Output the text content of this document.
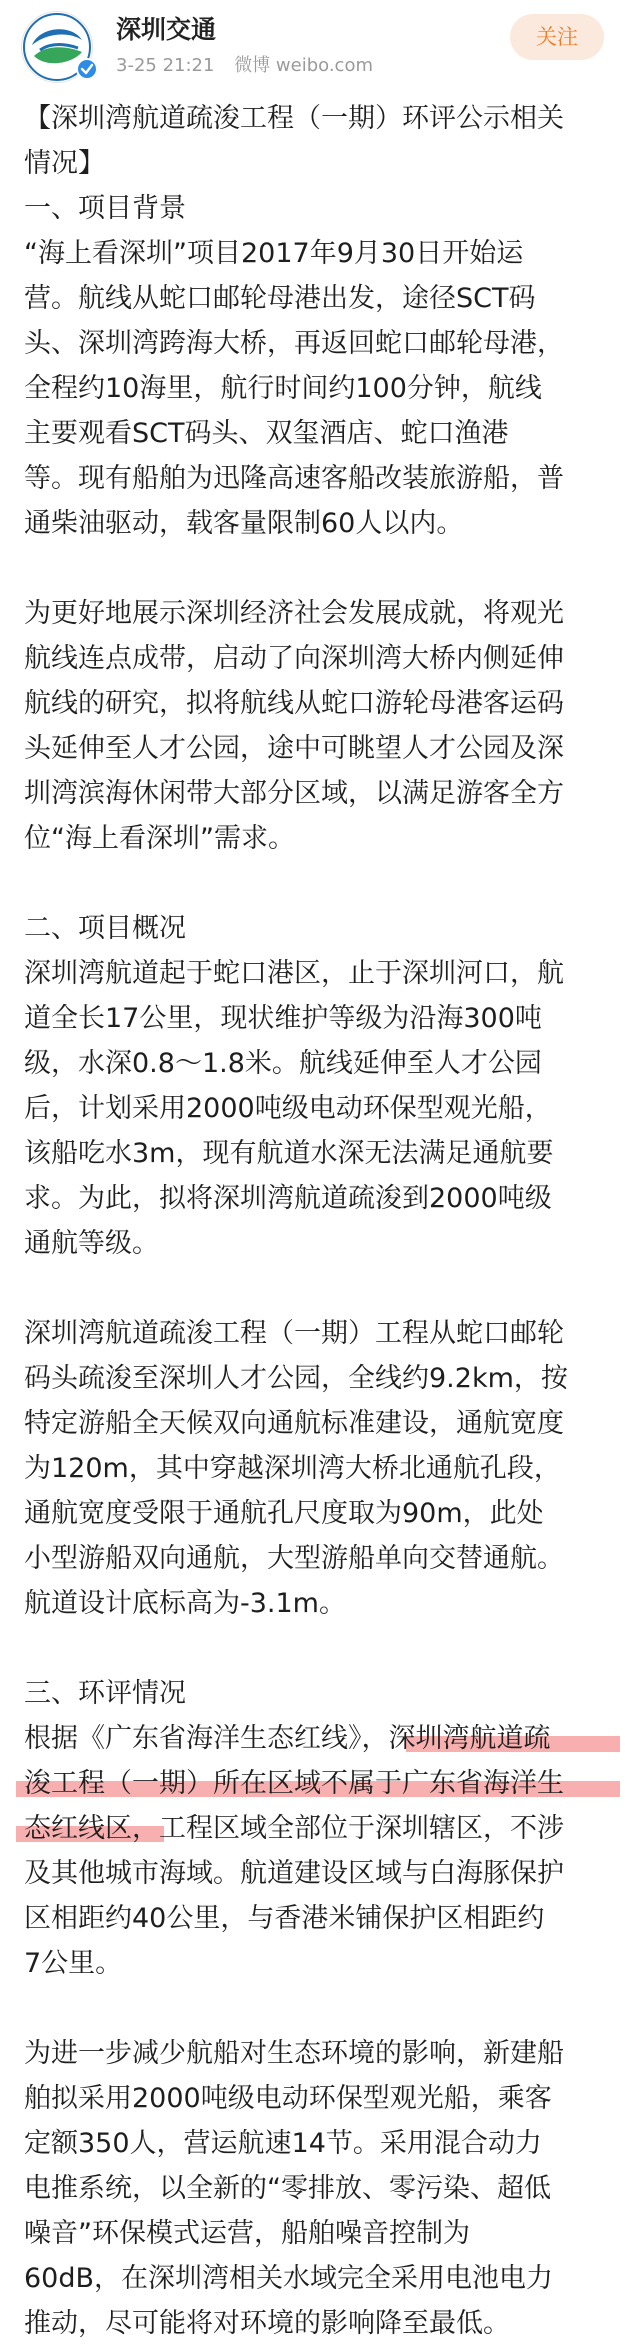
深圳交通
3-25 21:21 微博 weibo.com
关注

【深圳湾航道疏浚工程（一期）环评公示相关

情况】

一、项目背景

“海上看深圳”项目2017年9月30日开始运

营。航线从蛇口邮轮母港出发，途径SCT码

头、深圳湾跨海大桥，再返回蛇口邮轮母港，

全程约10海里，航行时间约100分钟，航线

主要观看SCT码头、双玺酒店、蛇口渔港

等。现有船舶为迅隆高速客船改装旅游船，普

通柴油驱动，载客量限制60人以内。

为更好地展示深圳经济社会发展成就，将观光

航线连点成带，启动了向深圳湾大桥内侧延伸

航线的研究，拟将航线从蛇口游轮母港客运码

头延伸至人才公园，途中可眺望人才公园及深

圳湾滨海休闲带大部分区域，以满足游客全方

位“海上看深圳”需求。

二、项目概况

深圳湾航道起于蛇口港区，止于深圳河口，航

道全长17公里，现状维护等级为沿海300吨

级，水深0.8～1.8米。航线延伸至人才公园

后，计划采用2000吨级电动环保型观光船，

该船吃水3m，现有航道水深无法满足通航要

求。为此，拟将深圳湾航道疏浚到2000吨级

通航等级。

深圳湾航道疏浚工程（一期）工程从蛇口邮轮

码头疏浚至深圳人才公园，全线约9.2km，按

特定游船全天候双向通航标准建设，通航宽度

为120m，其中穿越深圳湾大桥北通航孔段，

通航宽度受限于通航孔尺度取为90m，此处

小型游船双向通航，大型游船单向交替通航。

航道设计底标高为-3.1m。

三、环评情况

根据《广东省海洋生态红线》，深圳湾航道疏

浚工程（一期）所在区域不属于广东省海洋生

态红线区，工程区域全部位于深圳辖区，不涉

及其他城市海域。航道建设区域与白海豚保护

区相距约40公里，与香港米铺保护区相距约

7公里。

为进一步减少航船对生态环境的影响，新建船

舶拟采用2000吨级电动环保型观光船，乘客

定额350人，营运航速14节。采用混合动力

电推系统，以全新的“零排放、零污染、超低

噪音”环保模式运营，船舶噪音控制为

60dB，在深圳湾相关水域完全采用电池电力

推动，尽可能将对环境的影响降至最低。
